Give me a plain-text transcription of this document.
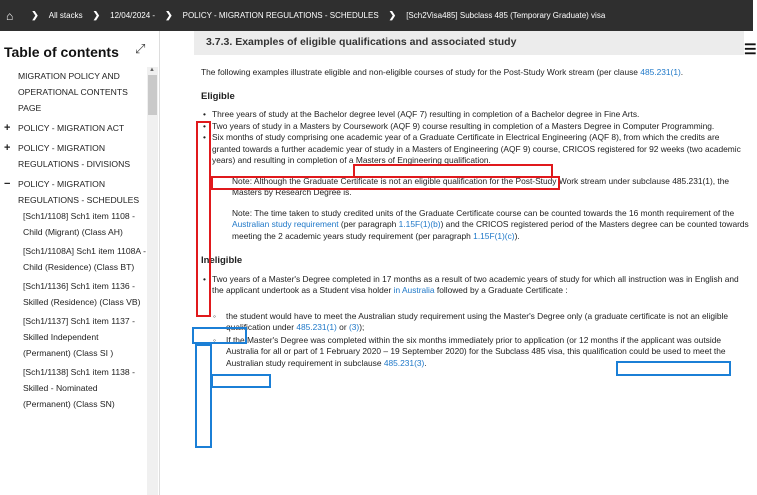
⌂ ❯ All stacks ❯ 12/04/2024 - ❯ POLICY - MIGRATION REGULATIONS - SCHEDULES ❯ [Sch2Visa485] Subclass 485 (Temporary Graduate) visa
Table of contents ⤢
▲
MIGRATION POLICY AND OPERATIONAL CONTENTS PAGE
+ POLICY - MIGRATION ACT
+ POLICY - MIGRATION REGULATIONS - DIVISIONS
− POLICY - MIGRATION REGULATIONS - SCHEDULES
[Sch1/1108] Sch1 item 1108 - Child (Migrant) (Class AH)
[Sch1/1108A] Sch1 item 1108A - Child (Residence) (Class BT)
[Sch1/1136] Sch1 item 1136 - Skilled (Residence) (Class VB)
[Sch1/1137] Sch1 item 1137 - Skilled Independent (Permanent) (Class SI )
[Sch1/1138] Sch1 item 1138 - Skilled - Nominated (Permanent) (Class SN)
3.7.3. Examples of eligible qualifications and associated study	☰

The following examples illustrate eligible and non-eligible courses of study for the Post-Study Work stream (per clause 485.231(1).

Eligible
• Three years of study at the Bachelor degree level (AQF 7) resulting in completion of a Bachelor degree in Fine Arts.
• Two years of study in a Masters by Coursework (AQF 9) course resulting in completion of a Masters Degree in Computer Programming.
• Six months of study comprising one academic year of a Graduate Certificate in Electrical Engineering (AQF 8), from which the credits are granted towards a further academic year of study in a Masters of Engineering (AQF 9) course, CRICOS registered for 92 weeks (two academic years) and resulting in completion of a Masters of Engineering qualification.

Note: Although the Graduate Certificate is not an eligible qualification for the Post-Study Work stream under subclause 485.231(1), the Masters by Research Degree is.

Note: The time taken to study credited units of the Graduate Certificate course can be counted towards the 16 month requirement of the Australian study requirement (per paragraph 1.15F(1)(b)) and the CRICOS registered period of the Masters degree can be counted towards meeting the 2 academic years study requirement (per paragraph 1.15F(1)(c)).

Ineligible
• Two years of a Master's Degree completed in 17 months as a result of two academic years of study for which all instruction was in English and the applicant undertook as a Student visa holder in Australia followed by a Graduate Certificate :
◦ the student would have to meet the Australian study requirement using the Master's Degree only (a graduate certificate is not an eligible qualification under 485.231(1) or (3));
◦ If the Master's Degree was completed within the six months immediately prior to application (or 12 months if the applicant was outside Australia for all or part of 1 February 2020 – 19 September 2020) for the Subclass 485 visa, this qualification could be used to meet the Australian study requirement in subclause 485.231(3).
